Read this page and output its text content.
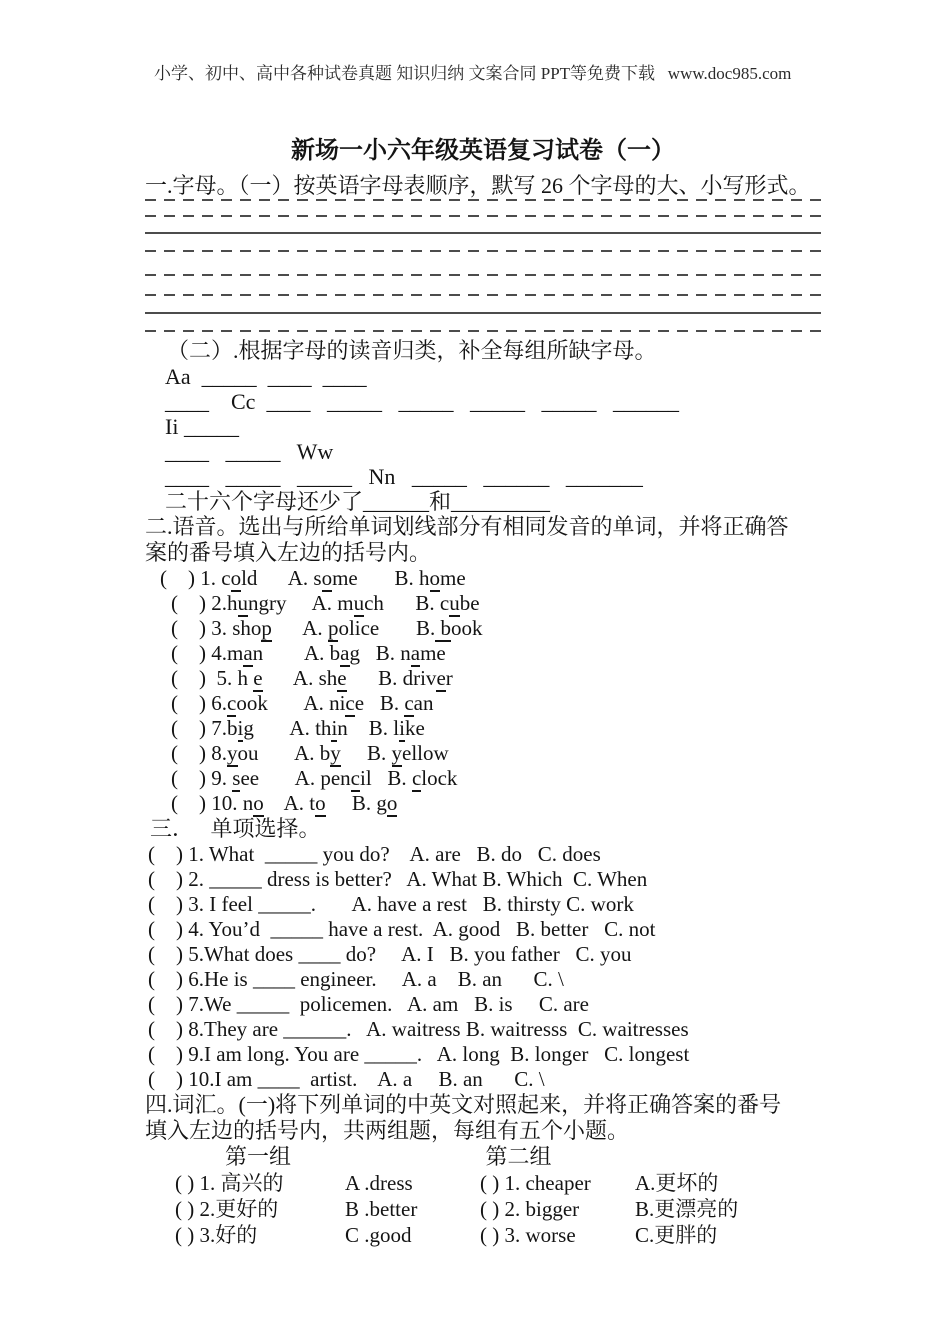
小学、初中、高中各种试卷真题 知识归纳 文案合同 PPT等免费下载   www.doc985.com
新场一小六年级英语复习试卷（一）
一.字母。（一）按英语字母表顺序，默写 26 个字母的大、小写形式。
（二）.根据字母的读音归类，补全每组所缺字母。
Aa  _____  ____  ____
____    Cc  ____   _____   _____   _____   _____   ______
Ii _____
____   _____   Ww
____   _____   _____   Nn   _____   ______   _______
二十六个字母还少了______和_________
二.语音。选出与所给单词划线部分有相同发音的单词，并将正确答
案的番号填入左边的括号内。
(    ) 1. cold      A. some       B. home
(    ) 2.hungry     A. much      B. cube
(    ) 3. shop      A. police       B. book
(    ) 4.man        A. bag   B. name
(    )  5. h e      A. she      B. driver
(    ) 6.cook       A. nice   B. can
(    ) 7.big       A. thin    B. like
(    ) 8.you       A. by     B. yellow
(    ) 9. see       A. pencil   B. clock
(    ) 10. no    A. to     B. go
三．   单项选择。
(    ) 1. What  _____ you do?    A. are   B. do   C. does
(    ) 2. _____ dress is better?   A. What B. Which  C. When
(    ) 3. I feel _____.       A. have a rest   B. thirsty C. work
(    ) 4. You’d  _____ have a rest.  A. good   B. better   C. not
(    ) 5.What does ____ do?     A. I   B. you father   C. you
(    ) 6.He is ____ engineer.     A. a    B. an      C. \
(    ) 7.We _____  policemen.   A. am   B. is     C. are
(    ) 8.They are ______.   A. waitress B. waitresss  C. waitresses
(    ) 9.I am long. You are _____.   A. long  B. longer   C. longest
(    ) 10.I am ____  artist.    A. a     B. an      C. \
四.词汇。(一)将下列单词的中英文对照起来，并将正确答案的番号
填入左边的括号内，共两组题，每组有五个小题。
第一组	第二组
( ) 1. 高兴的	A .dress	( ) 1. cheaper A.更坏的
( ) 2.更好的	B .better	( ) 2. bigger	B.更漂亮的
( ) 3.好的	C .good	( ) 3. worse	C.更胖的
